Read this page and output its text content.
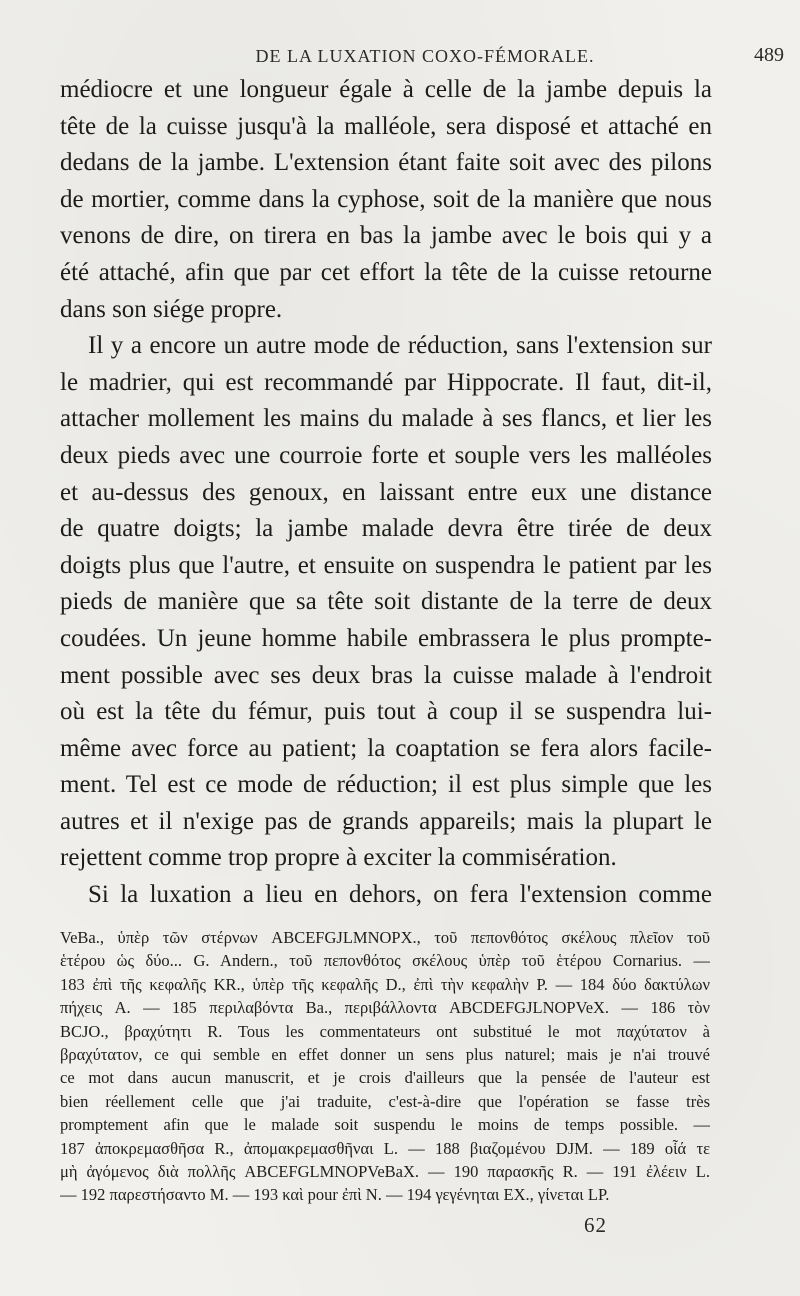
DE LA LUXATION COXO-FÉMORALE.	489
médiocre et une longueur égale à celle de la jambe depuis la
tête de la cuisse jusqu'à la malléole, sera disposé et attaché en
dedans de la jambe. L'extension étant faite soit avec des pilons
de mortier, comme dans la cyphose, soit de la manière que nous
venons de dire, on tirera en bas la jambe avec le bois qui y a
été attaché, afin que par cet effort la tête de la cuisse retourne
dans son siége propre.
Il y a encore un autre mode de réduction, sans l'extension sur
le madrier, qui est recommandé par Hippocrate. Il faut, dit-il,
attacher mollement les mains du malade à ses flancs, et lier les
deux pieds avec une courroie forte et souple vers les malléoles
et au-dessus des genoux, en laissant entre eux une distance
de quatre doigts; la jambe malade devra être tirée de deux
doigts plus que l'autre, et ensuite on suspendra le patient par les
pieds de manière que sa tête soit distante de la terre de deux
coudées. Un jeune homme habile embrassera le plus prompte-
ment possible avec ses deux bras la cuisse malade à l'endroit
où est la tête du fémur, puis tout à coup il se suspendra lui-
même avec force au patient; la coaptation se fera alors facile-
ment. Tel est ce mode de réduction; il est plus simple que les
autres et il n'exige pas de grands appareils; mais la plupart le
rejettent comme trop propre à exciter la commisération.
Si la luxation a lieu en dehors, on fera l'extension comme
VeBa., ὑπὲρ τῶν στέρνων ABCEFGJLMNOPX., τοῦ πεπονθότος σκέλους πλεῖον τοῦ
ἑτέρου ὡς δύο... G. Andern., τοῦ πεπονθότος σκέλους ὑπὲρ τοῦ ἑτέρου Cornarius. —
183 ἐπὶ τῆς κεφαλῆς KR., ὑπὲρ τῆς κεφαλῆς D., ἐπὶ τὴν κεφαλὴν P. — 184 δύο δακτύλων
πήχεις A. — 185 περιλαβόντα Ba., περιβάλλοντα ABCDEFGJLNOPVeX. — 186 τὸν
BCJO., βραχύτητι R. Tous les commentateurs ont substitué le mot παχύτατον à
βραχύτατον, ce qui semble en effet donner un sens plus naturel; mais je n'ai trouvé
ce mot dans aucun manuscrit, et je crois d'ailleurs que la pensée de l'auteur est
bien réellement celle que j'ai traduite, c'est-à-dire que l'opération se fasse très
promptement afin que le malade soit suspendu le moins de temps possible. —
187 ἀποκρεμασθῆσα R., ἀπομακρεμασθῆναι L. — 188 βιαζομένου DJM. — 189 οἷά τε
μὴ ἀγόμενος διὰ πολλῆς ABCEFGLMNOPVeBaX. — 190 παρασκῆς R. — 191 ἐλέειν L.
— 192 παρεστήσαντο M. — 193 καὶ pour ἐπὶ N. — 194 γεγένηται EX., γίνεται LP.
62
